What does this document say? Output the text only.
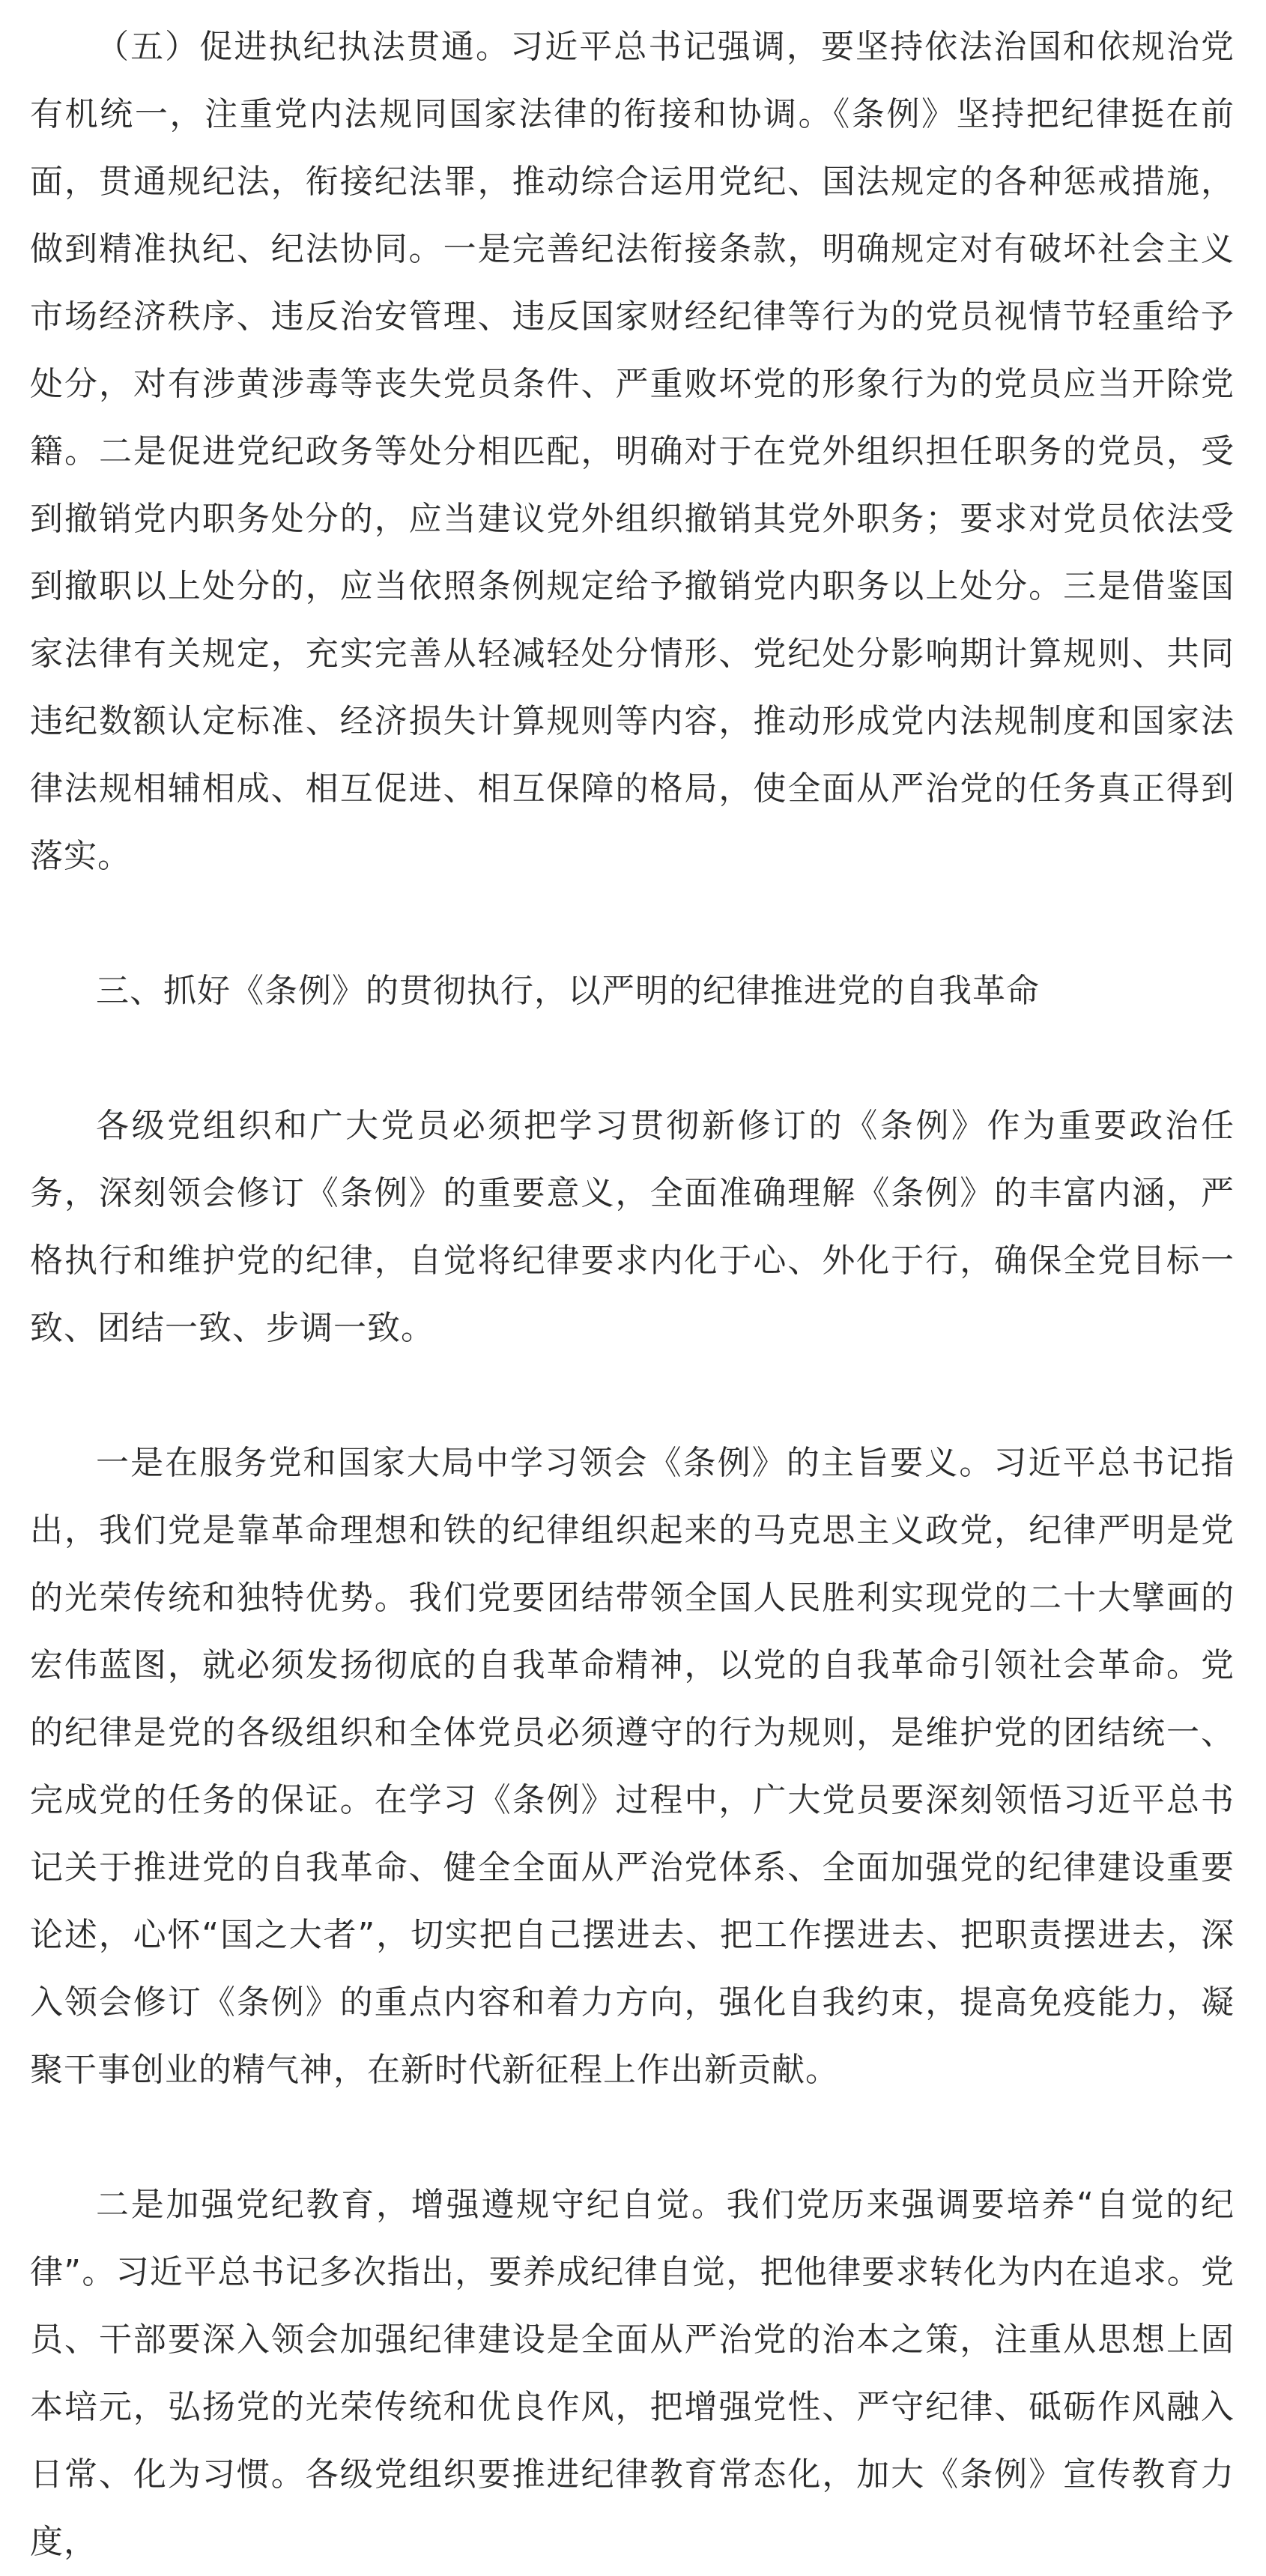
（五）促进执纪执法贯通。习近平总书记强调，要坚持依法治国和依规治党有机统一，注重党内法规同国家法律的衔接和协调。《条例》坚持把纪律挺在前面，贯通规纪法，衔接纪法罪，推动综合运用党纪、国法规定的各种惩戒措施，做到精准执纪、纪法协同。一是完善纪法衔接条款，明确规定对有破坏社会主义市场经济秩序、违反治安管理、违反国家财经纪律等行为的党员视情节轻重给予处分，对有涉黄涉毒等丧失党员条件、严重败坏党的形象行为的党员应当开除党籍。二是促进党纪政务等处分相匹配，明确对于在党外组织担任职务的党员，受到撤销党内职务处分的，应当建议党外组织撤销其党外职务；要求对党员依法受到撤职以上处分的，应当依照条例规定给予撤销党内职务以上处分。三是借鉴国家法律有关规定，充实完善从轻减轻处分情形、党纪处分影响期计算规则、共同违纪数额认定标准、经济损失计算规则等内容，推动形成党内法规制度和国家法律法规相辅相成、相互促进、相互保障的格局，使全面从严治党的任务真正得到落实。

三、抓好《条例》的贯彻执行，以严明的纪律推进党的自我革命

各级党组织和广大党员必须把学习贯彻新修订的《条例》作为重要政治任务，深刻领会修订《条例》的重要意义，全面准确理解《条例》的丰富内涵，严格执行和维护党的纪律，自觉将纪律要求内化于心、外化于行，确保全党目标一致、团结一致、步调一致。

一是在服务党和国家大局中学习领会《条例》的主旨要义。习近平总书记指出，我们党是靠革命理想和铁的纪律组织起来的马克思主义政党，纪律严明是党的光荣传统和独特优势。我们党要团结带领全国人民胜利实现党的二十大擘画的宏伟蓝图，就必须发扬彻底的自我革命精神，以党的自我革命引领社会革命。党的纪律是党的各级组织和全体党员必须遵守的行为规则，是维护党的团结统一、完成党的任务的保证。在学习《条例》过程中，广大党员要深刻领悟习近平总书记关于推进党的自我革命、健全全面从严治党体系、全面加强党的纪律建设重要论述，心怀“国之大者”，切实把自己摆进去、把工作摆进去、把职责摆进去，深入领会修订《条例》的重点内容和着力方向，强化自我约束，提高免疫能力，凝聚干事创业的精气神，在新时代新征程上作出新贡献。

二是加强党纪教育，增强遵规守纪自觉。我们党历来强调要培养“自觉的纪律”。习近平总书记多次指出，要养成纪律自觉，把他律要求转化为内在追求。党员、干部要深入领会加强纪律建设是全面从严治党的治本之策，注重从思想上固本培元，弘扬党的光荣传统和优良作风，把增强党性、严守纪律、砥砺作风融入日常、化为习惯。各级党组织要推进纪律教育常态化，加大《条例》宣传教育力度，
